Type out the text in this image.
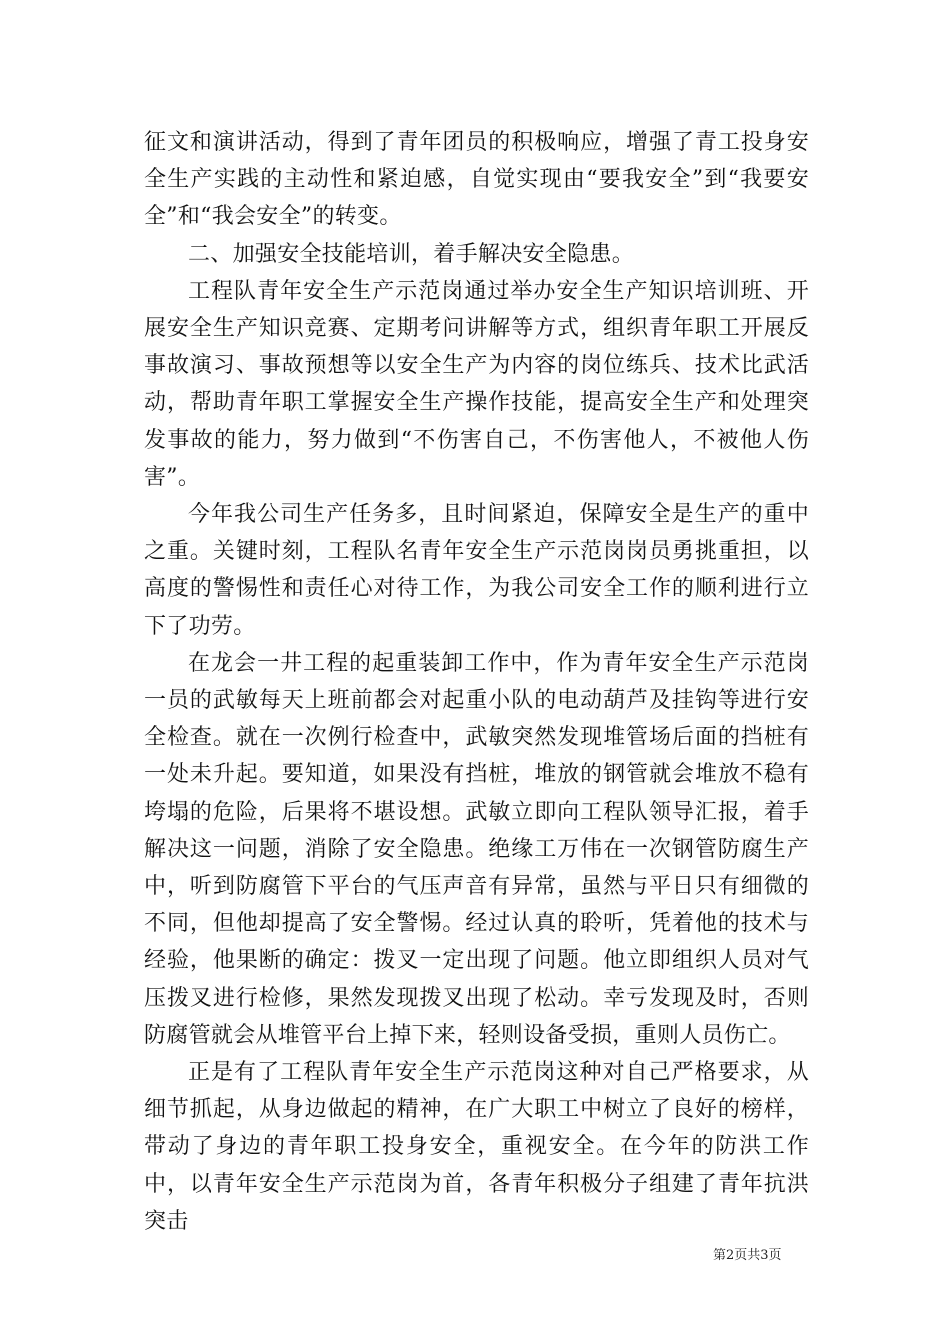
征文和演讲活动，得到了青年团员的积极响应，增强了青工投身安全生产实践的主动性和紧迫感，自觉实现由“要我安全”到“我要安全”和“我会安全”的转变。

二、加强安全技能培训，着手解决安全隐患。

工程队青年安全生产示范岗通过举办安全生产知识培训班、开展安全生产知识竞赛、定期考问讲解等方式，组织青年职工开展反事故演习、事故预想等以安全生产为内容的岗位练兵、技术比武活动，帮助青年职工掌握安全生产操作技能，提高安全生产和处理突发事故的能力，努力做到“不伤害自己，不伤害他人，不被他人伤害”。

今年我公司生产任务多，且时间紧迫，保障安全是生产的重中之重。关键时刻，工程队名青年安全生产示范岗岗员勇挑重担，以高度的警惕性和责任心对待工作，为我公司安全工作的顺利进行立下了功劳。

在龙会一井工程的起重装卸工作中，作为青年安全生产示范岗一员的武敏每天上班前都会对起重小队的电动葫芦及挂钩等进行安全检查。就在一次例行检查中，武敏突然发现堆管场后面的挡桩有一处未升起。要知道，如果没有挡桩，堆放的钢管就会堆放不稳有垮塌的危险，后果将不堪设想。武敏立即向工程队领导汇报，着手解决这一问题，消除了安全隐患。绝缘工万伟在一次钢管防腐生产中，听到防腐管下平台的气压声音有异常，虽然与平日只有细微的不同，但他却提高了安全警惕。经过认真的聆听，凭着他的技术与经验，他果断的确定：拨叉一定出现了问题。他立即组织人员对气压拨叉进行检修，果然发现拨叉出现了松动。幸亏发现及时，否则防腐管就会从堆管平台上掉下来，轻则设备受损，重则人员伤亡。

正是有了工程队青年安全生产示范岗这种对自己严格要求，从细节抓起，从身边做起的精神，在广大职工中树立了良好的榜样，带动了身边的青年职工投身安全，重视安全。在今年的防洪工作中，以青年安全生产示范岗为首，各青年积极分子组建了青年抗洪突击

第2页共3页
